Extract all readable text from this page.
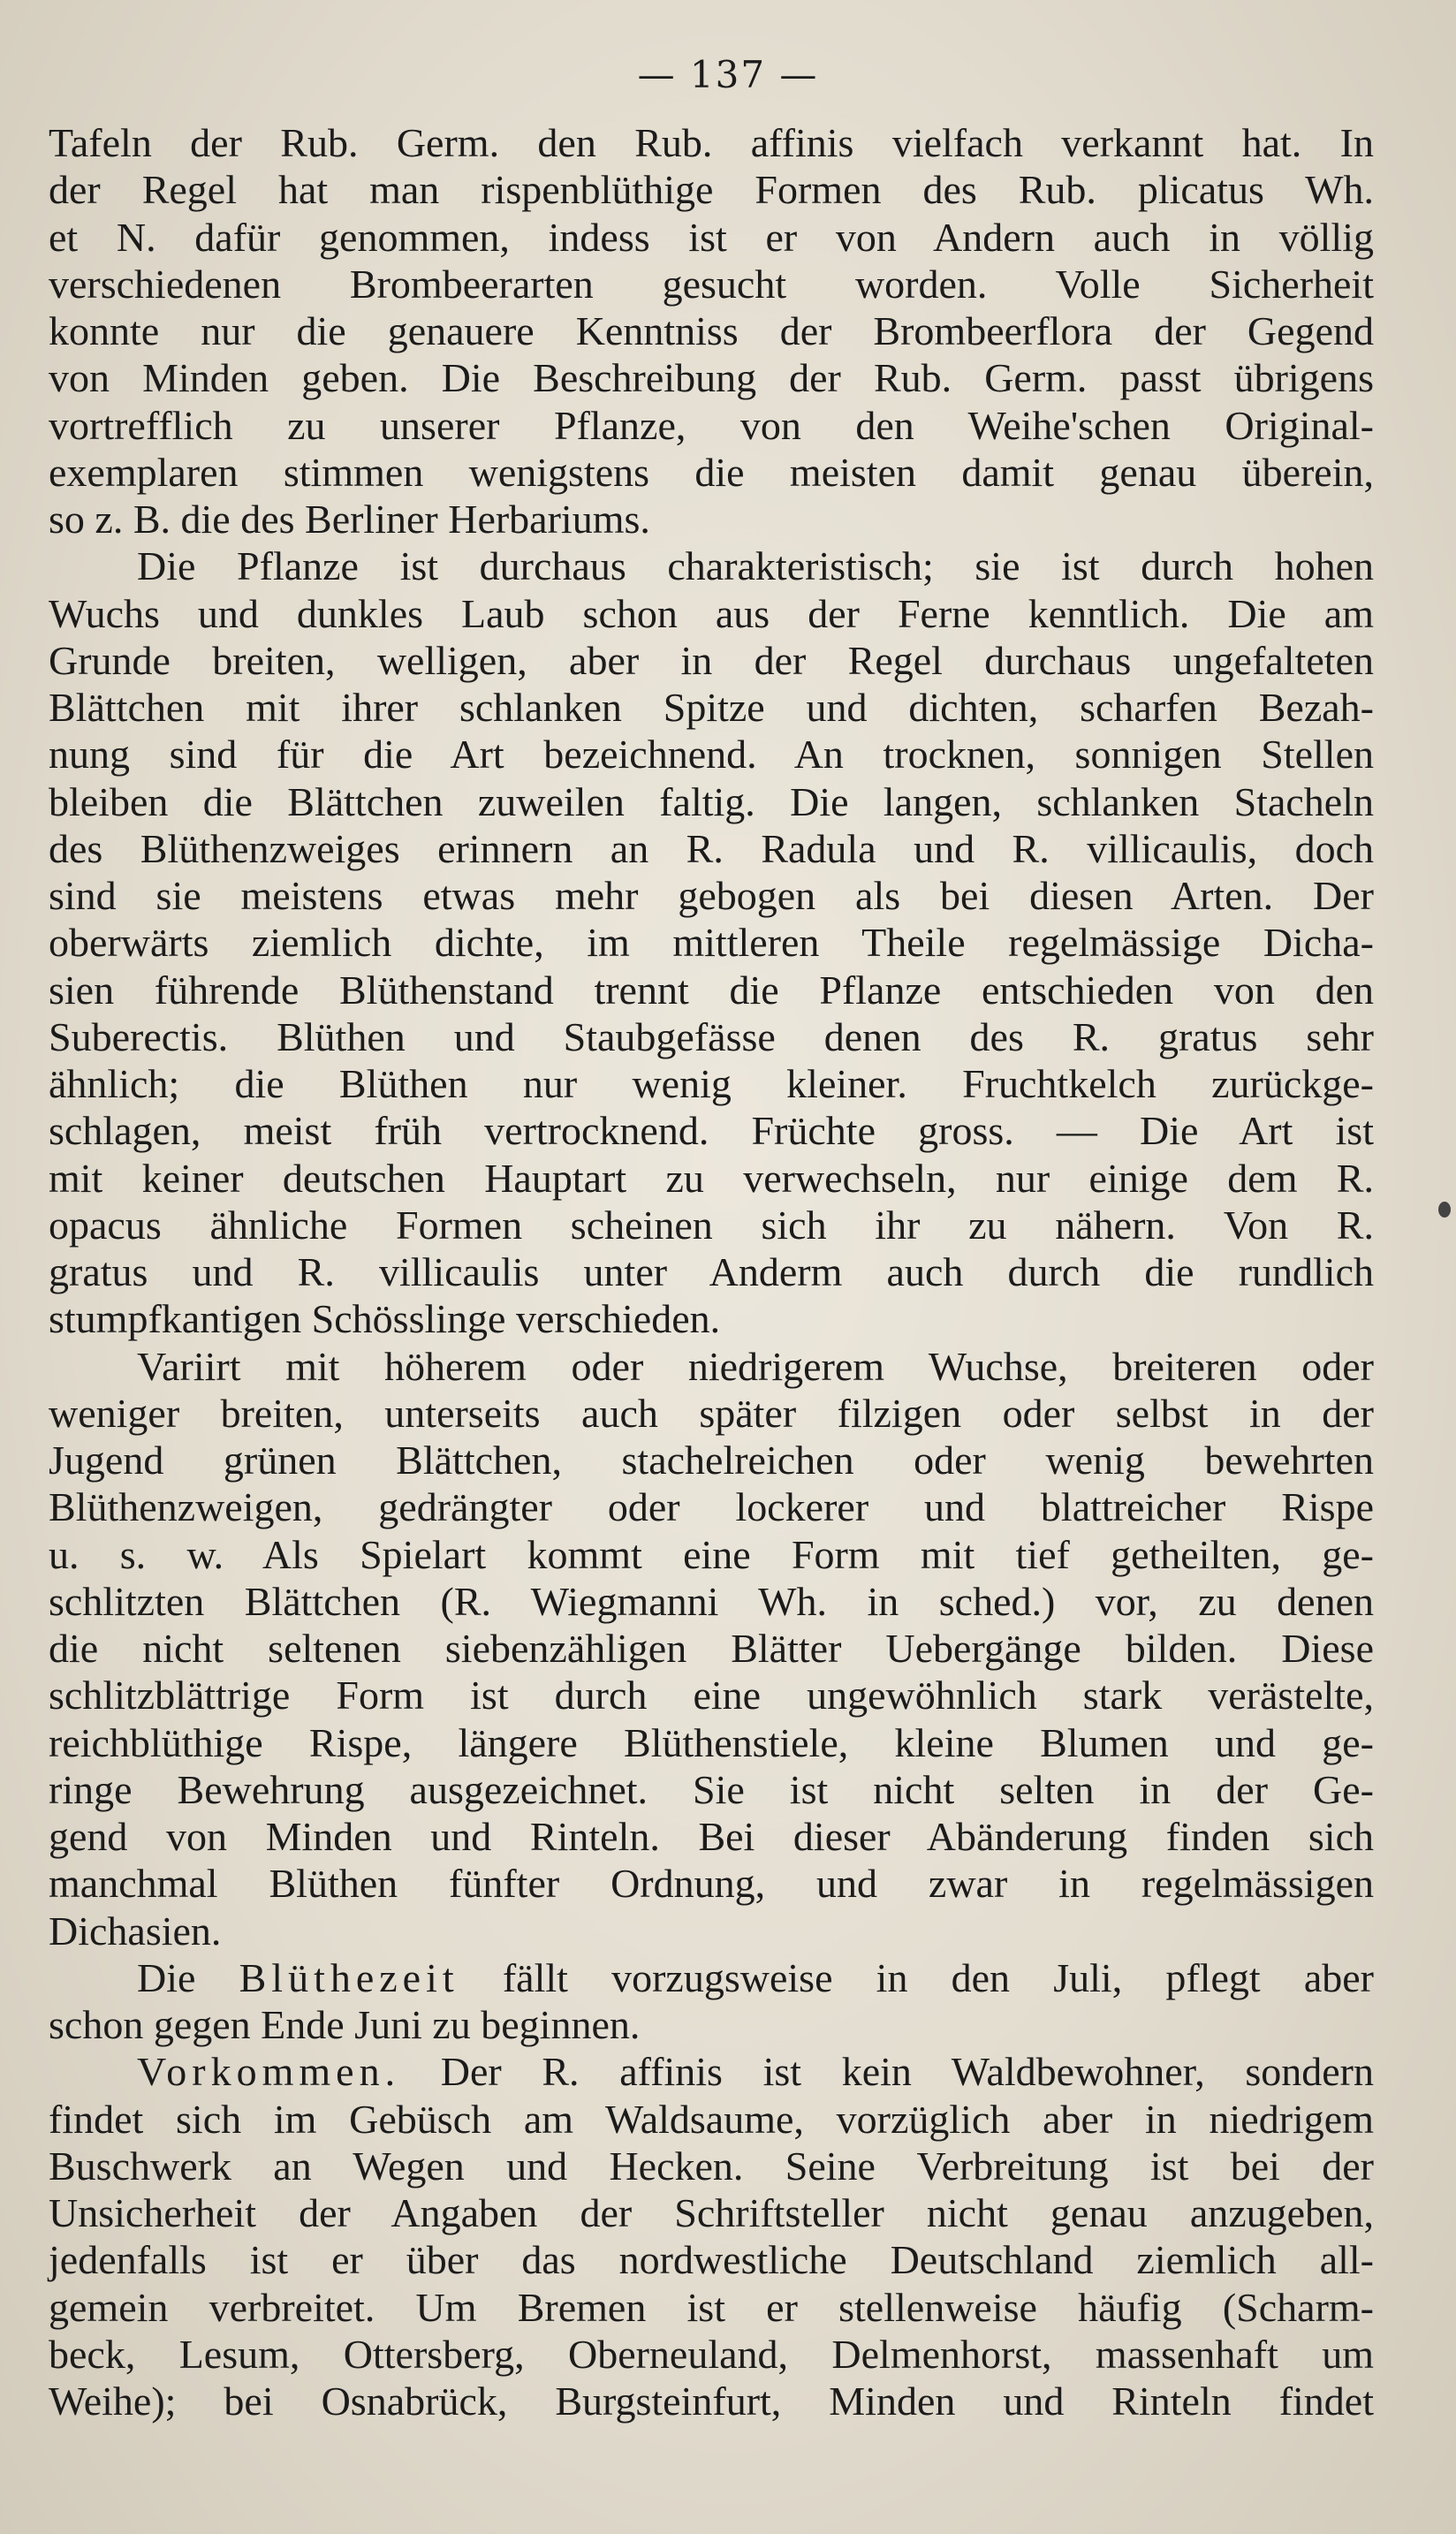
— 137 —
Tafeln der Rub. Germ. den Rub. affinis vielfach verkannt hat. In
der Regel hat man rispenblüthige Formen des Rub. plicatus Wh.
et N. dafür genommen, indess ist er von Andern auch in völlig
verschiedenen Brombeerarten gesucht worden. Volle Sicherheit
konnte nur die genauere Kenntniss der Brombeerflora der Gegend
von Minden geben. Die Beschreibung der Rub. Germ. passt übrigens
vortrefflich zu unserer Pflanze, von den Weihe'schen Original-
exemplaren stimmen wenigstens die meisten damit genau überein,
so z. B. die des Berliner Herbariums.
Die Pflanze ist durchaus charakteristisch; sie ist durch hohen
Wuchs und dunkles Laub schon aus der Ferne kenntlich. Die am
Grunde breiten, welligen, aber in der Regel durchaus ungefalteten
Blättchen mit ihrer schlanken Spitze und dichten, scharfen Bezah-
nung sind für die Art bezeichnend. An trocknen, sonnigen Stellen
bleiben die Blättchen zuweilen faltig. Die langen, schlanken Stacheln
des Blüthenzweiges erinnern an R. Radula und R. villicaulis, doch
sind sie meistens etwas mehr gebogen als bei diesen Arten. Der
oberwärts ziemlich dichte, im mittleren Theile regelmässige Dicha-
sien führende Blüthenstand trennt die Pflanze entschieden von den
Suberectis. Blüthen und Staubgefässe denen des R. gratus sehr
ähnlich; die Blüthen nur wenig kleiner. Fruchtkelch zurückge-
schlagen, meist früh vertrocknend. Früchte gross. — Die Art ist
mit keiner deutschen Hauptart zu verwechseln, nur einige dem R.
opacus ähnliche Formen scheinen sich ihr zu nähern. Von R.
gratus und R. villicaulis unter Anderm auch durch die rundlich
stumpfkantigen Schösslinge verschieden.
Variirt mit höherem oder niedrigerem Wuchse, breiteren oder
weniger breiten, unterseits auch später filzigen oder selbst in der
Jugend grünen Blättchen, stachelreichen oder wenig bewehrten
Blüthenzweigen, gedrängter oder lockerer und blattreicher Rispe
u. s. w. Als Spielart kommt eine Form mit tief getheilten, ge-
schlitzten Blättchen (R. Wiegmanni Wh. in sched.) vor, zu denen
die nicht seltenen siebenzähligen Blätter Uebergänge bilden. Diese
schlitzblättrige Form ist durch eine ungewöhnlich stark verästelte,
reichblüthige Rispe, längere Blüthenstiele, kleine Blumen und ge-
ringe Bewehrung ausgezeichnet. Sie ist nicht selten in der Ge-
gend von Minden und Rinteln. Bei dieser Abänderung finden sich
manchmal Blüthen fünfter Ordnung, und zwar in regelmässigen
Dichasien.
Die Blüthezeit fällt vorzugsweise in den Juli, pflegt aber
schon gegen Ende Juni zu beginnen.
Vorkommen. Der R. affinis ist kein Waldbewohner, sondern
findet sich im Gebüsch am Waldsaume, vorzüglich aber in niedrigem
Buschwerk an Wegen und Hecken. Seine Verbreitung ist bei der
Unsicherheit der Angaben der Schriftsteller nicht genau anzugeben,
jedenfalls ist er über das nordwestliche Deutschland ziemlich all-
gemein verbreitet. Um Bremen ist er stellenweise häufig (Scharm-
beck, Lesum, Ottersberg, Oberneuland, Delmenhorst, massenhaft um
Weihe); bei Osnabrück, Burgsteinfurt, Minden und Rinteln findet
